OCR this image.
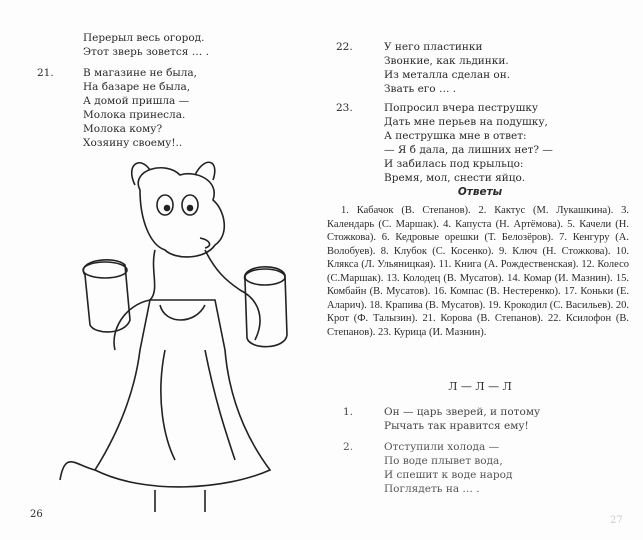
Перерыл весь огород.
Этот зверь зовется … .
21.	В магазине не была,
На базаре не была,
А домой пришла —
Молока принесла.
Молока кому?
Хозяину своему!..
26
22.	У него пластинки
Звонкие, как льдинки.
Из металла сделан он.
Звать его … .
23.	Попросил вчера пеструшку
Дать мне перьев на подушку,
А пеструшка мне в ответ:
— Я б дала, да лишних нет? —
И забилась под крыльцо:
Время, мол, снести яйцо.
Ответы
1. Кабачок (В. Степанов). 2. Кактус (М. Лукашкина). 3. Календарь (С. Маршак). 4. Капуста (Н. Артёмова). 5. Качели (Н. Стожкова). 6. Кедровые орешки (Т. Белозёров). 7. Кенгуру (А. Волобуев). 8. Клубок (С. Косенко). 9. Ключ (Н. Стожкова). 10. Клякса (Л. Ульяницкая). 11. Книга (А. Рождественская). 12. Колесо (С.Маршак). 13. Колодец (В. Мусатов). 14. Комар (И. Мазнин). 15. Комбайн (В. Мусатов). 16. Компас (В. Нестеренко). 17. Коньки (Е. Аларич). 18. Крапива (В. Мусатов). 19. Крокодил (С. Васильев). 20. Крот (Ф. Талызин). 21. Корова (В. Степанов). 22. Ксилофон (В. Степанов). 23. Курица (И. Мазнин).
Л — Л — Л
1.	Он — царь зверей, и потому
Рычать так нравится ему!
2.	Отступили холода —
По воде плывет вода,
И спешит к воде народ
Поглядеть на … .
27
